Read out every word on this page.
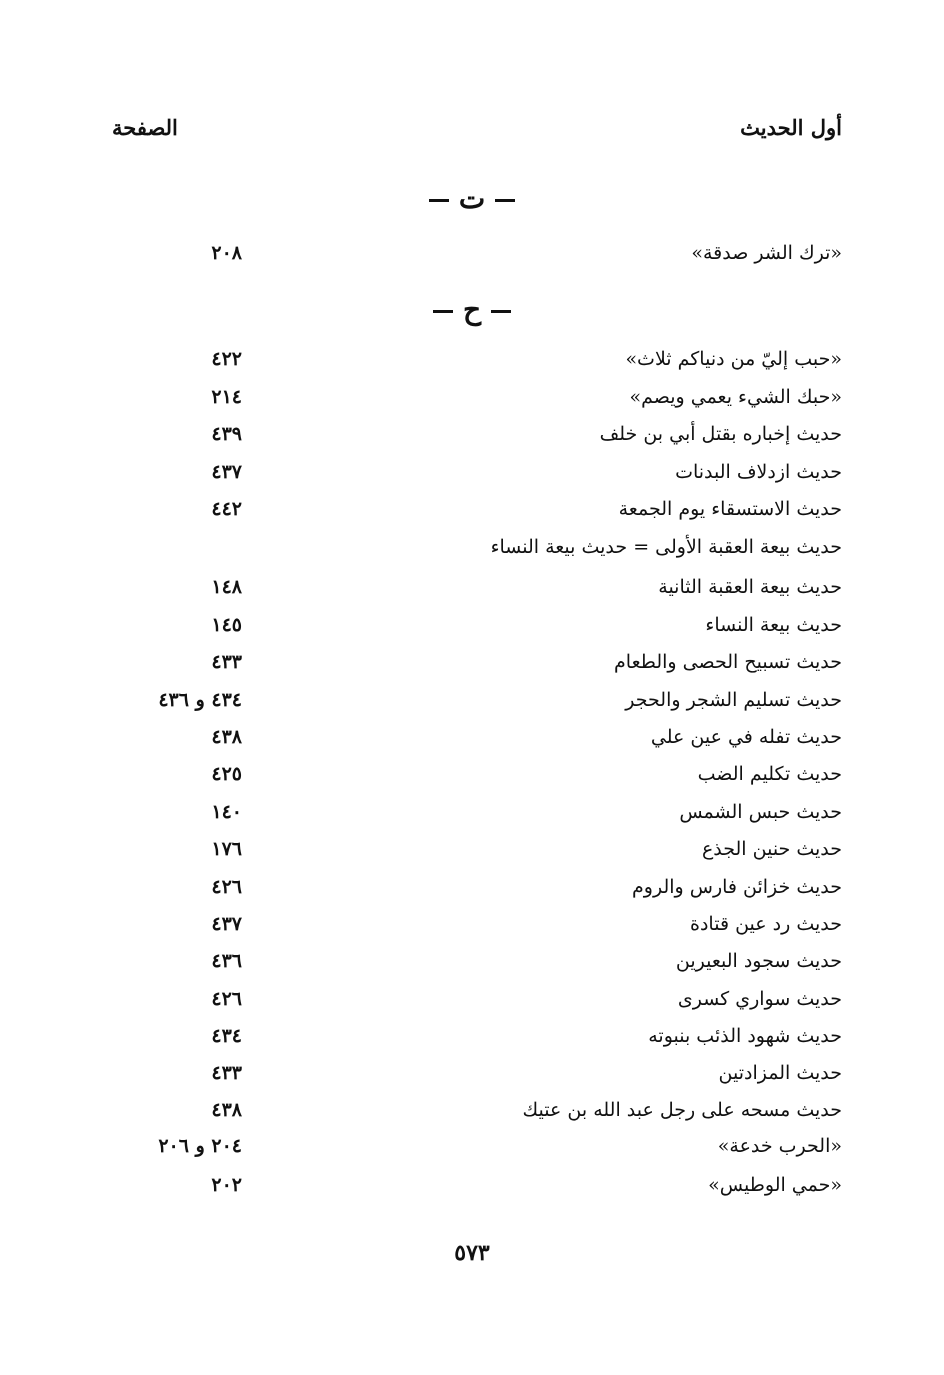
أول الحديث
الصفحة
ت
«ترك الشر صدقة»
٢٠٨
ح
«حبب إليّ من دنياكم ثلاث»
٤٢٢
«حبك الشيء يعمي ويصم»
٢١٤
حديث إخباره بقتل أبي بن خلف
٤٣٩
حديث ازدلاف البدنات
٤٣٧
حديث الاستسقاء يوم الجمعة
٤٤٢
حديث بيعة العقبة الأولى = حديث بيعة النساء
حديث بيعة العقبة الثانية
١٤٨
حديث بيعة النساء
١٤٥
حديث تسبيح الحصى والطعام
٤٣٣
حديث تسليم الشجر والحجر
٤٣٤ و ٤٣٦
حديث تفله في عين علي
٤٣٨
حديث تكليم الضب
٤٢٥
حديث حبس الشمس
١٤٠
حديث حنين الجذع
١٧٦
حديث خزائن فارس والروم
٤٢٦
حديث رد عين قتادة
٤٣٧
حديث سجود البعيرين
٤٣٦
حديث سواري كسرى
٤٢٦
حديث شهود الذئب بنبوته
٤٣٤
حديث المزادتين
٤٣٣
حديث مسحه على رجل عبد الله بن عتيك
٤٣٨
«الحرب خدعة»
٢٠٤ و ٢٠٦
«حمي الوطيس»
٢٠٢
٥٧٣
